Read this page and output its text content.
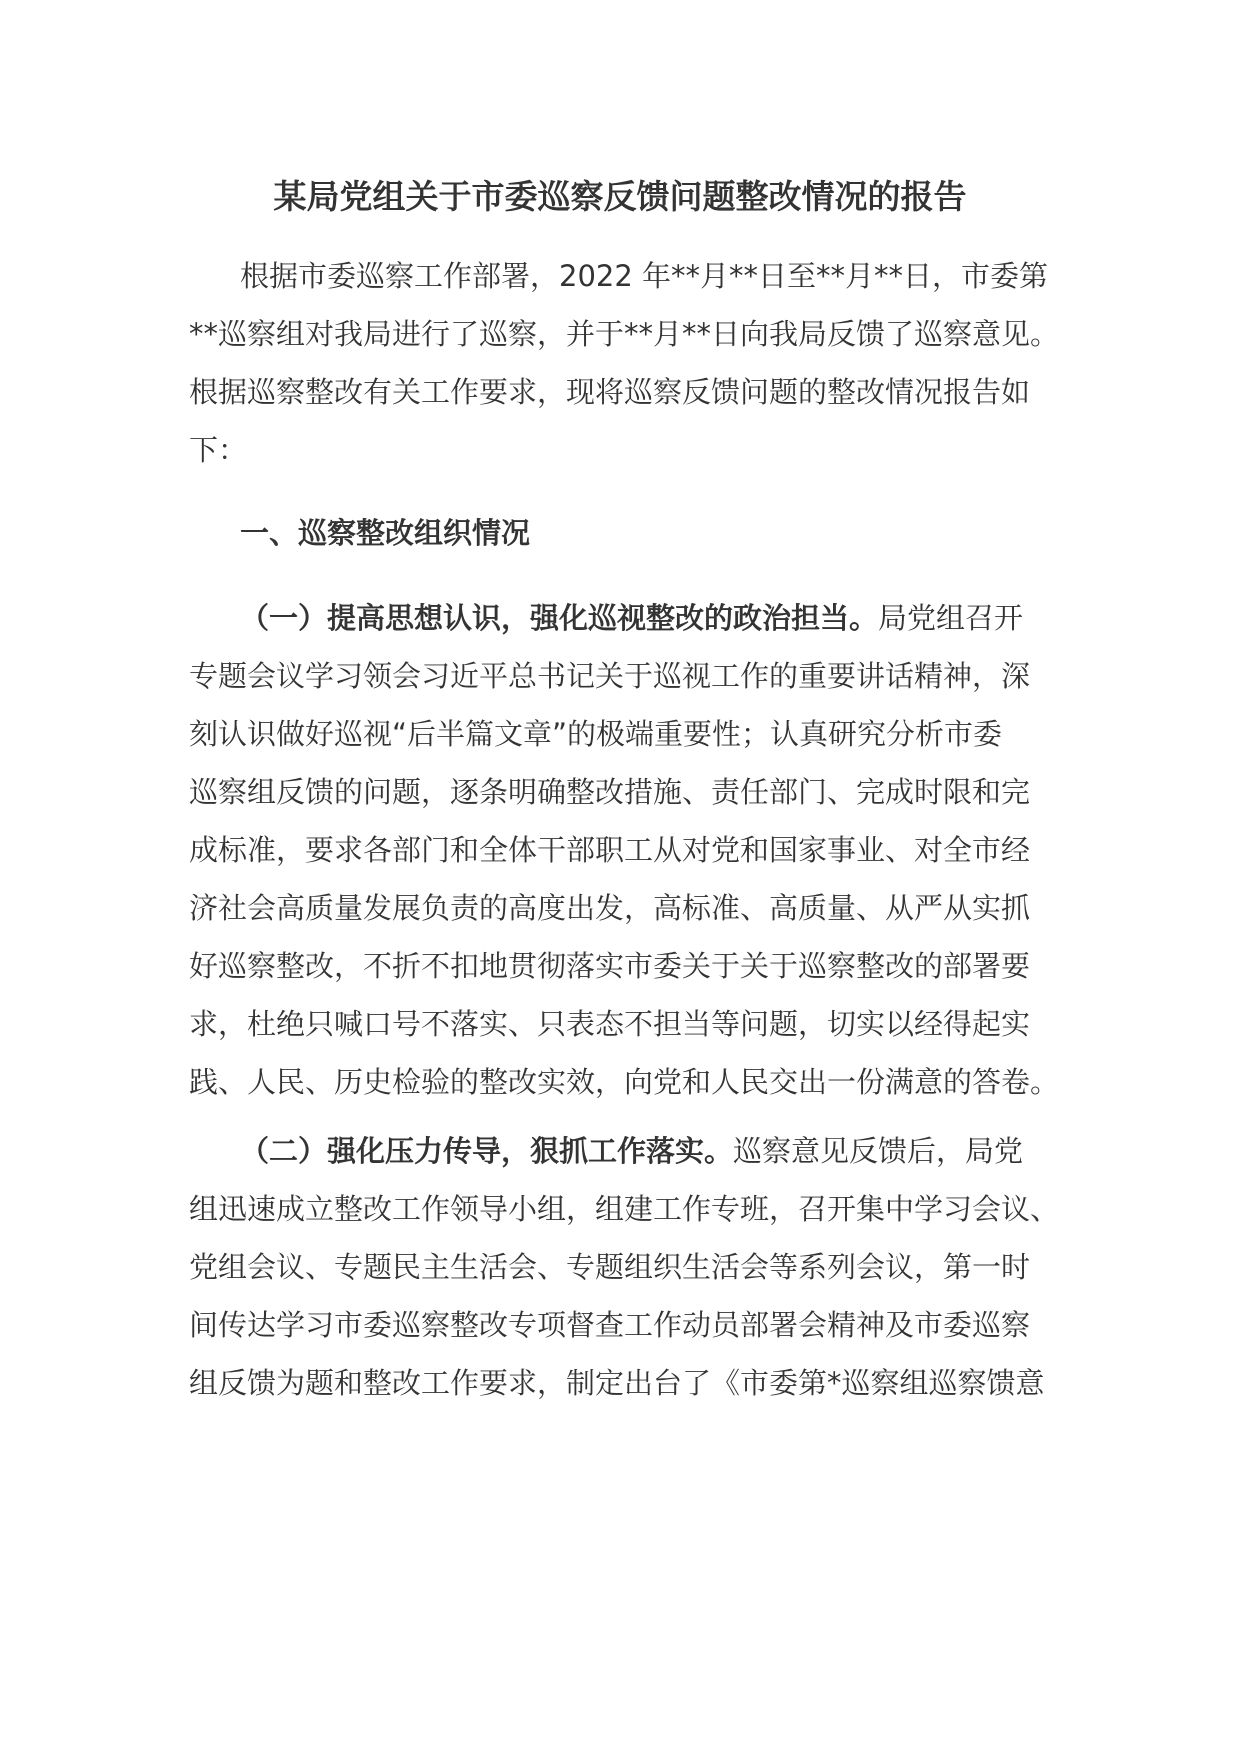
某局党组关于市委巡察反馈问题整改情况的报告

根据市委巡察工作部署，2022 年**月**日至**月**日，市委第

**巡察组对我局进行了巡察，并于**月**日向我局反馈了巡察意见。

根据巡察整改有关工作要求，现将巡察反馈问题的整改情况报告如

下：

一、巡察整改组织情况

（一）提高思想认识，强化巡视整改的政治担当。局党组召开

专题会议学习领会习近平总书记关于巡视工作的重要讲话精神，深

刻认识做好巡视“后半篇文章”的极端重要性；认真研究分析市委

巡察组反馈的问题，逐条明确整改措施、责任部门、完成时限和完

成标准，要求各部门和全体干部职工从对党和国家事业、对全市经

济社会高质量发展负责的高度出发，高标准、高质量、从严从实抓

好巡察整改，不折不扣地贯彻落实市委关于关于巡察整改的部署要

求，杜绝只喊口号不落实、只表态不担当等问题，切实以经得起实

践、人民、历史检验的整改实效，向党和人民交出一份满意的答卷。

（二）强化压力传导，狠抓工作落实。巡察意见反馈后，局党

组迅速成立整改工作领导小组，组建工作专班，召开集中学习会议、

党组会议、专题民主生活会、专题组织生活会等系列会议，第一时

间传达学习市委巡察整改专项督查工作动员部署会精神及市委巡察

组反馈为题和整改工作要求，制定出台了《市委第*巡察组巡察馈意
